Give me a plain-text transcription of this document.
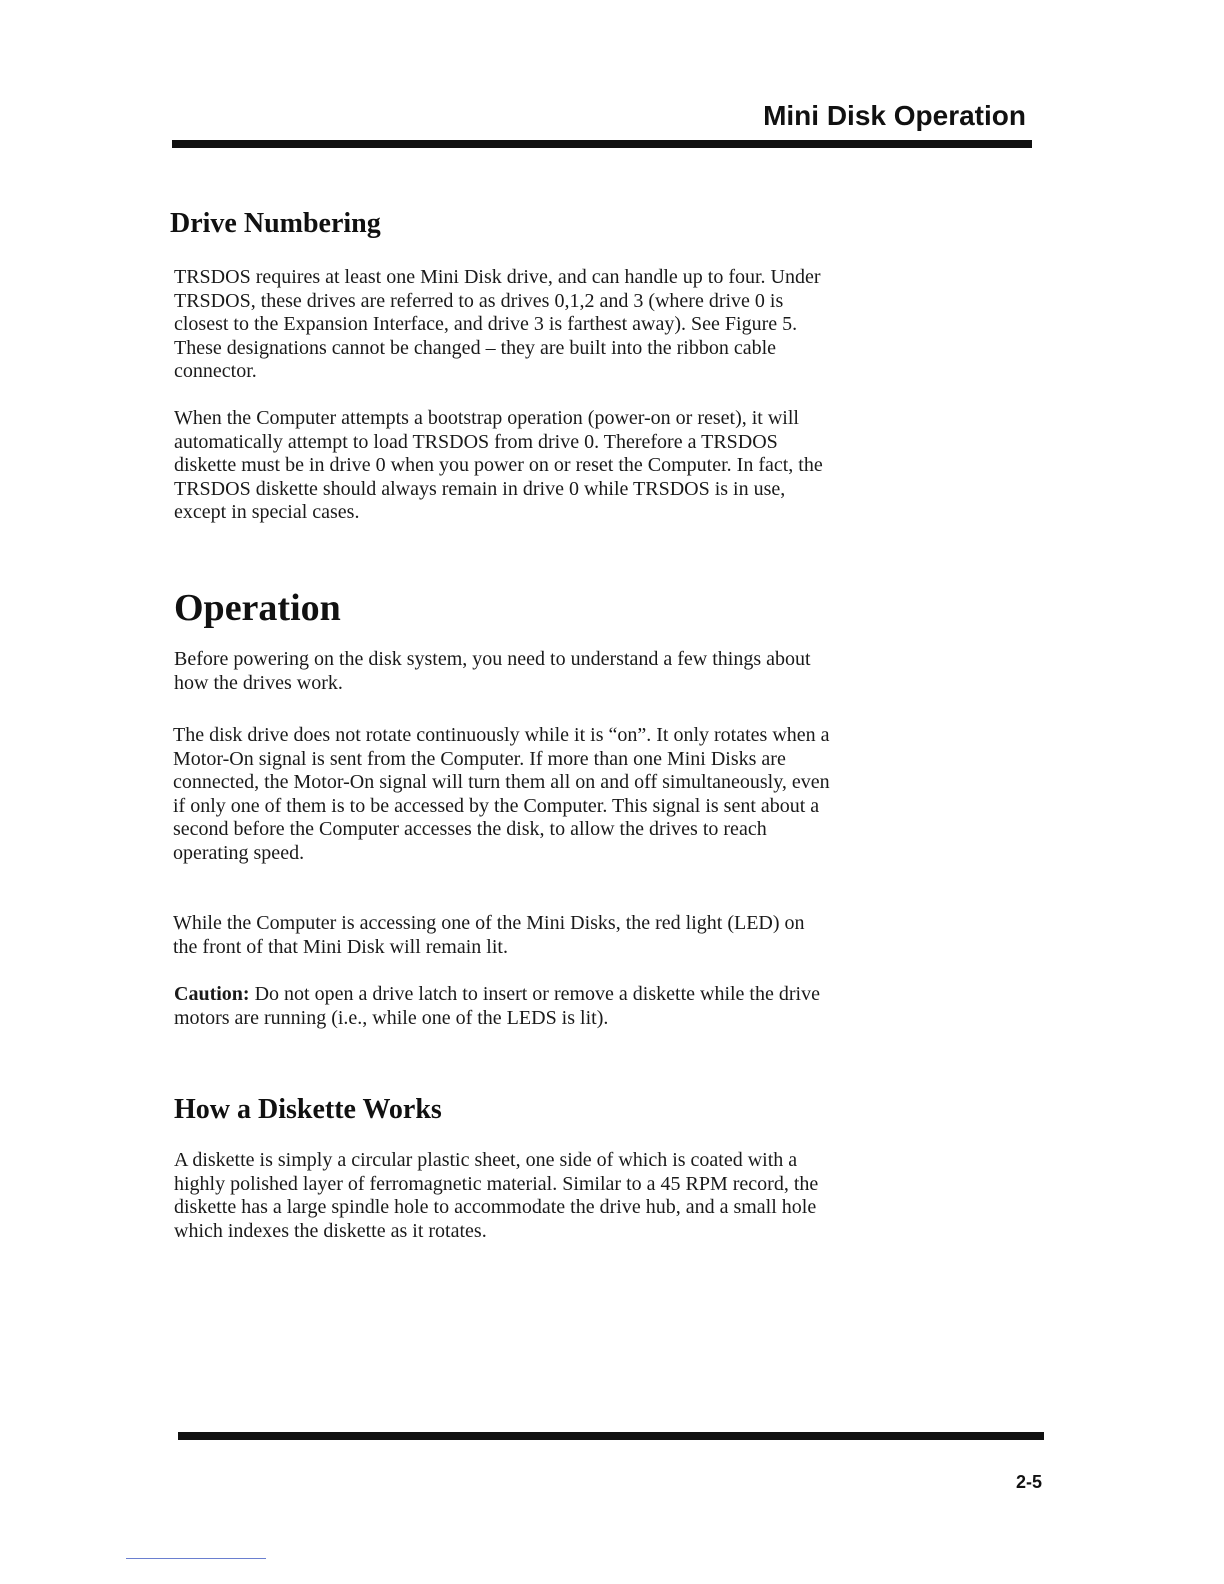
Mini Disk Operation
Drive Numbering

TRSDOS requires at least one Mini Disk drive, and can handle up to four. Under TRSDOS, these drives are referred to as drives 0,1,2 and 3 (where drive 0 is closest to the Expansion Interface, and drive 3 is farthest away). See Figure 5. These designations cannot be changed – they are built into the ribbon cable connector.

When the Computer attempts a bootstrap operation (power-on or reset), it will automatically attempt to load TRSDOS from drive 0. Therefore a TRSDOS diskette must be in drive 0 when you power on or reset the Computer. In fact, the TRSDOS diskette should always remain in drive 0 while TRSDOS is in use, except in special cases.

Operation

Before powering on the disk system, you need to understand a few things about how the drives work.

The disk drive does not rotate continuously while it is “on”. It only rotates when a Motor-On signal is sent from the Computer. If more than one Mini Disks are connected, the Motor-On signal will turn them all on and off simultaneously, even if only one of them is to be accessed by the Computer. This signal is sent about a second before the Computer accesses the disk, to allow the drives to reach operating speed.

While the Computer is accessing one of the Mini Disks, the red light (LED) on the front of that Mini Disk will remain lit.

Caution: Do not open a drive latch to insert or remove a diskette while the drive motors are running (i.e., while one of the LEDS is lit).

How a Diskette Works

A diskette is simply a circular plastic sheet, one side of which is coated with a highly polished layer of ferromagnetic material. Similar to a 45 RPM record, the diskette has a large spindle hole to accommodate the drive hub, and a small hole which indexes the diskette as it rotates.

2-5
